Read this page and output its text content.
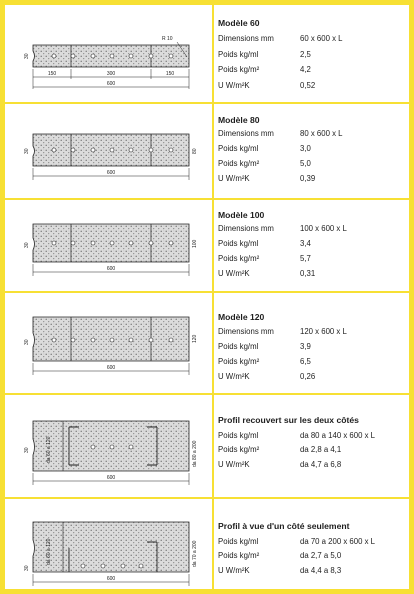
R 10
150	300	150
600
30
Modèle 60
Dimensions mm	60 x 600 x L
Poids kg/ml	2,5
Poids kg/m²	4,2
U W/m²K	0,52
600
30	80
Modèle 80
Dimensions mm	80 x 600 x L
Poids kg/ml	3,0
Poids kg/m²	5,0
U W/m²K	0,39
600
30	100
Modèle 100
Dimensions mm	100 x 600 x L
Poids kg/ml	3,4
Poids kg/m²	5,7
U W/m²K	0,31
600
30	120
Modèle 120
Dimensions mm	120 x 600 x L
Poids kg/ml	3,9
Poids kg/m²	6,5
U W/m²K	0,26
600
30	da 60 a 120	da 80 a 200
Profil recouvert sur les deux côtés
Poids kg/ml	da 80 a 140 x 600 x L
Poids kg/m²	da 2,8 a 4,1
U W/m²K	da 4,7 a 6,8
600
30
da 60 a 120	da 70 a 200
Profil à vue d'un côté seulement
Poids kg/ml	da 70 a 200 x 600 x L
Poids kg/m²	da 2,7 a 5,0
U W/m²K	da 4,4 a 8,3
